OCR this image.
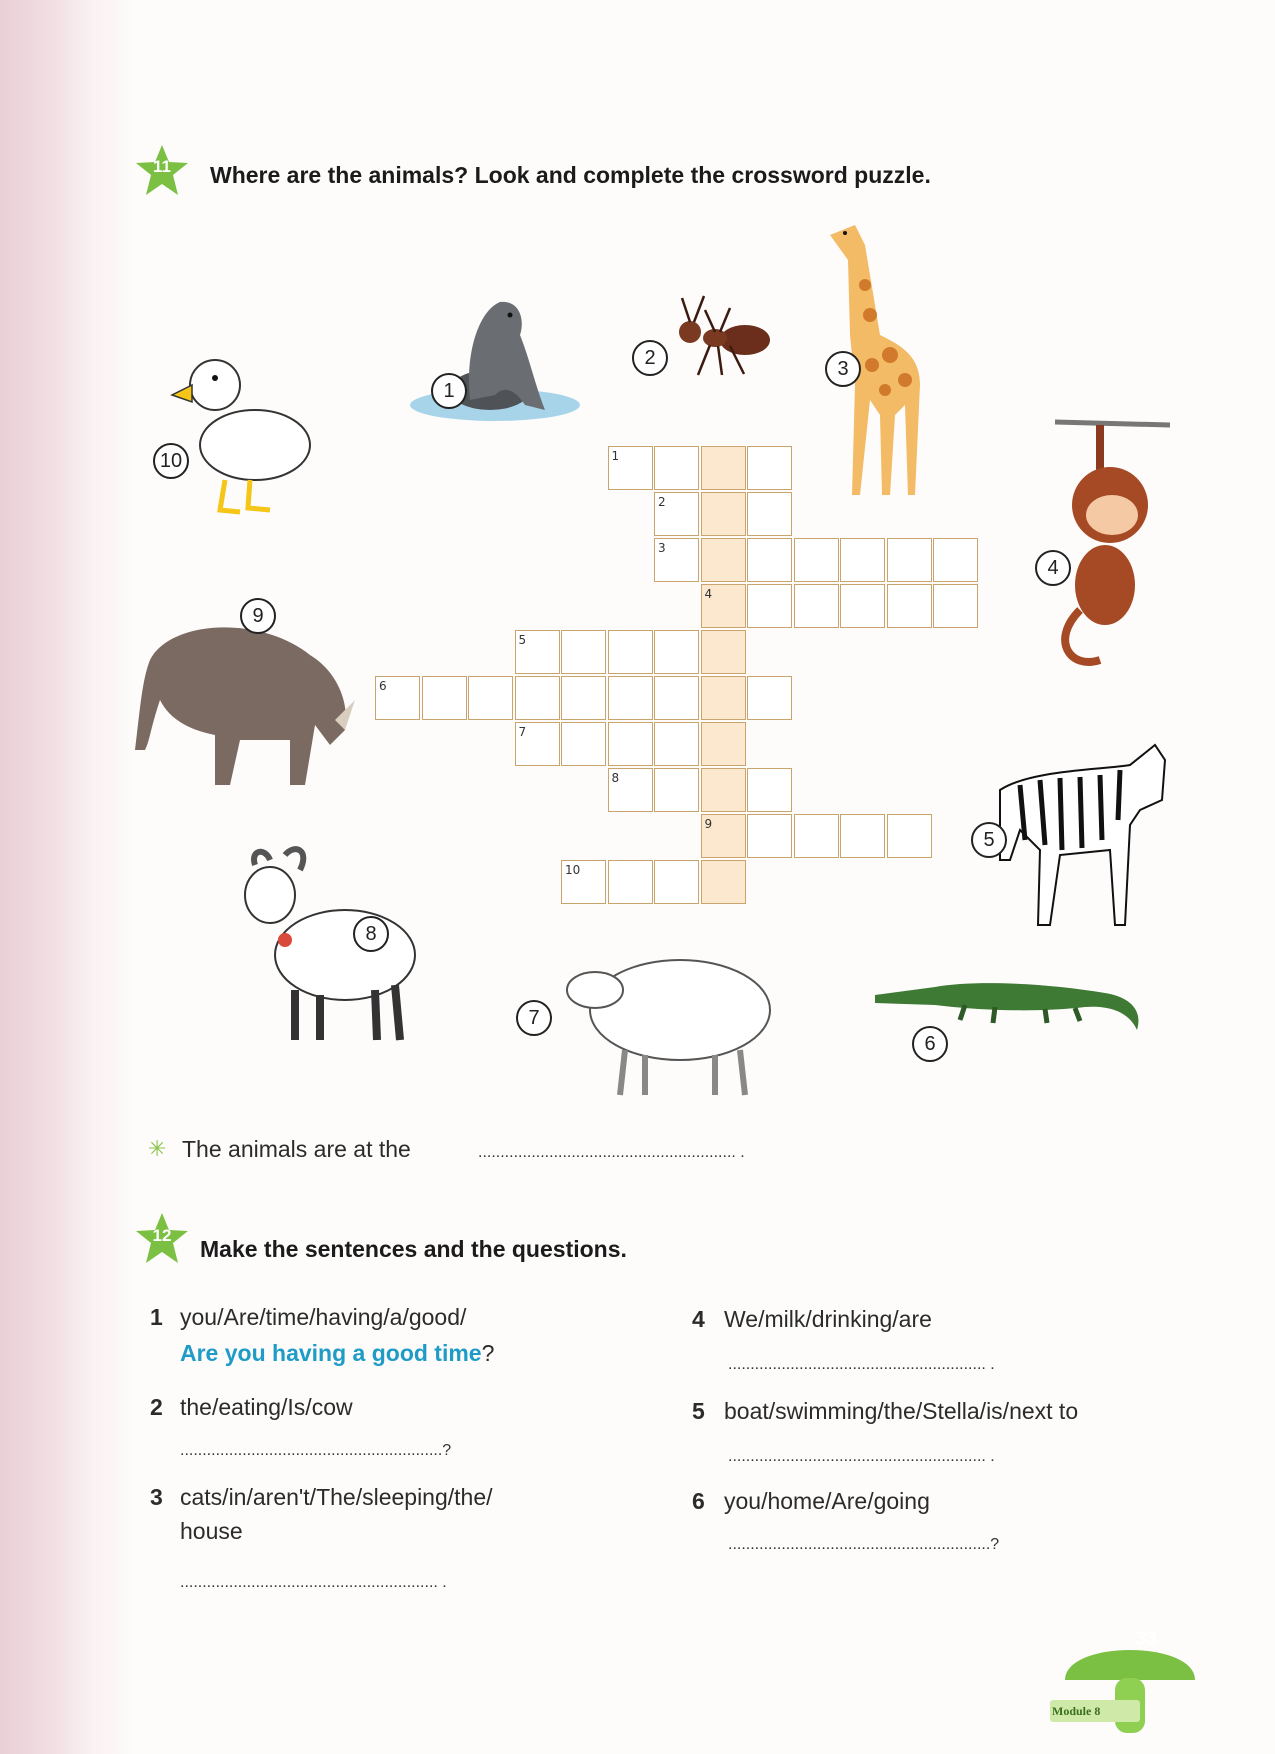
11	Where are the animals? Look and complete the crossword puzzle.
1
2	3
10
4
9
5
8
7
6
1
2
3
4
5
6
7
8
9
10
✳ The animals are at the	.......................................................... .
12
Make the sentences and the questions.
1 you/Are/time/having/a/good/
Are you having a good time?
2 the/eating/Is/cow
...........................................................?
3 cats/in/aren't/The/sleeping/the/
house
.......................................................... .
4 We/milk/drinking/are
.......................................................... .
5 boat/swimming/the/Stella/is/next to
.......................................................... .
6 you/home/Are/going
...........................................................?
33
Module 8
